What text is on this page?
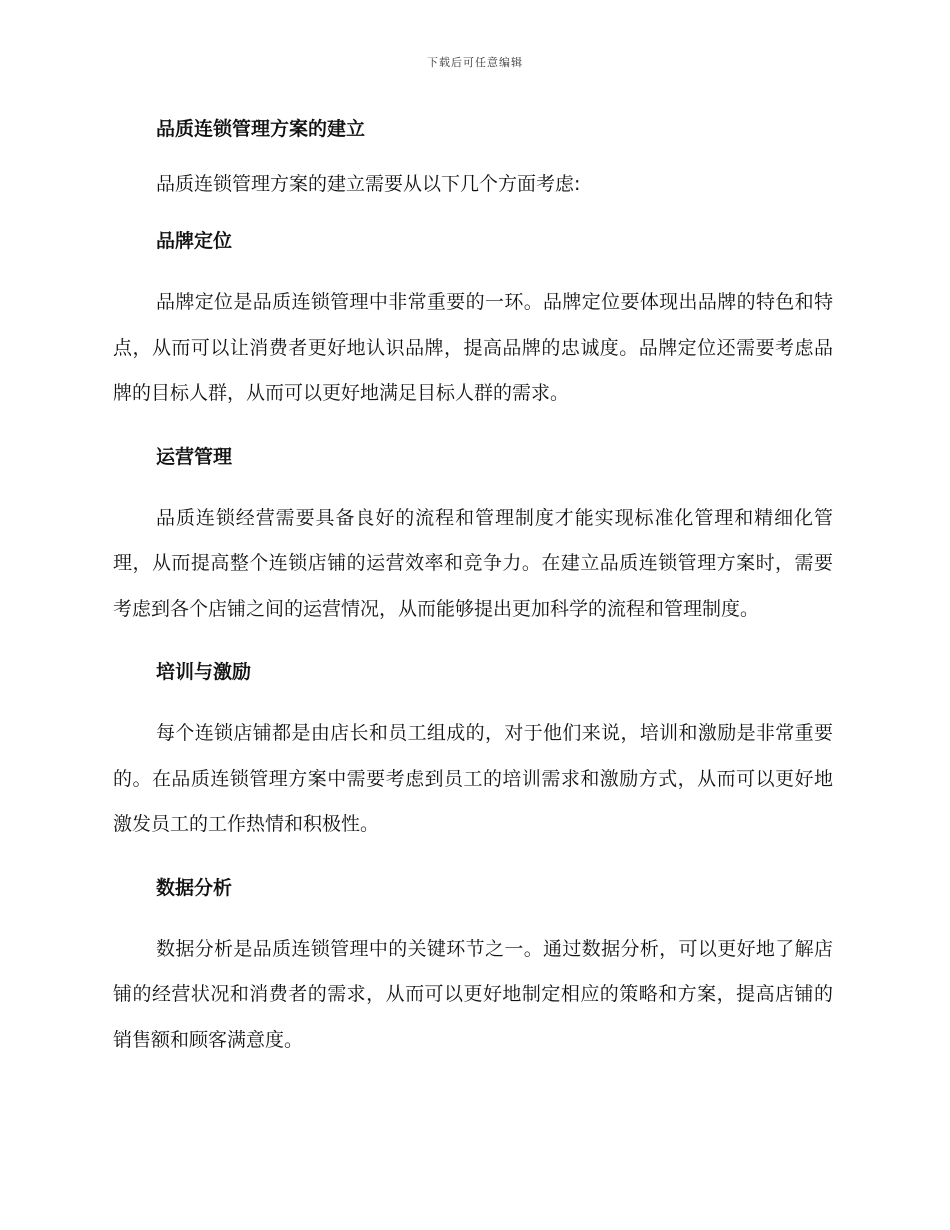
下载后可任意编辑
品质连锁管理方案的建立

品质连锁管理方案的建立需要从以下几个方面考虑:

品牌定位

品牌定位是品质连锁管理中非常重要的一环。品牌定位要体现出品牌的特色和特点，从而可以让消费者更好地认识品牌，提高品牌的忠诚度。品牌定位还需要考虑品牌的目标人群，从而可以更好地满足目标人群的需求。

运营管理

品质连锁经营需要具备良好的流程和管理制度才能实现标准化管理和精细化管理，从而提高整个连锁店铺的运营效率和竞争力。在建立品质连锁管理方案时，需要考虑到各个店铺之间的运营情况，从而能够提出更加科学的流程和管理制度。

培训与激励

每个连锁店铺都是由店长和员工组成的，对于他们来说，培训和激励是非常重要的。在品质连锁管理方案中需要考虑到员工的培训需求和激励方式，从而可以更好地激发员工的工作热情和积极性。

数据分析

数据分析是品质连锁管理中的关键环节之一。通过数据分析，可以更好地了解店铺的经营状况和消费者的需求，从而可以更好地制定相应的策略和方案，提高店铺的销售额和顾客满意度。
